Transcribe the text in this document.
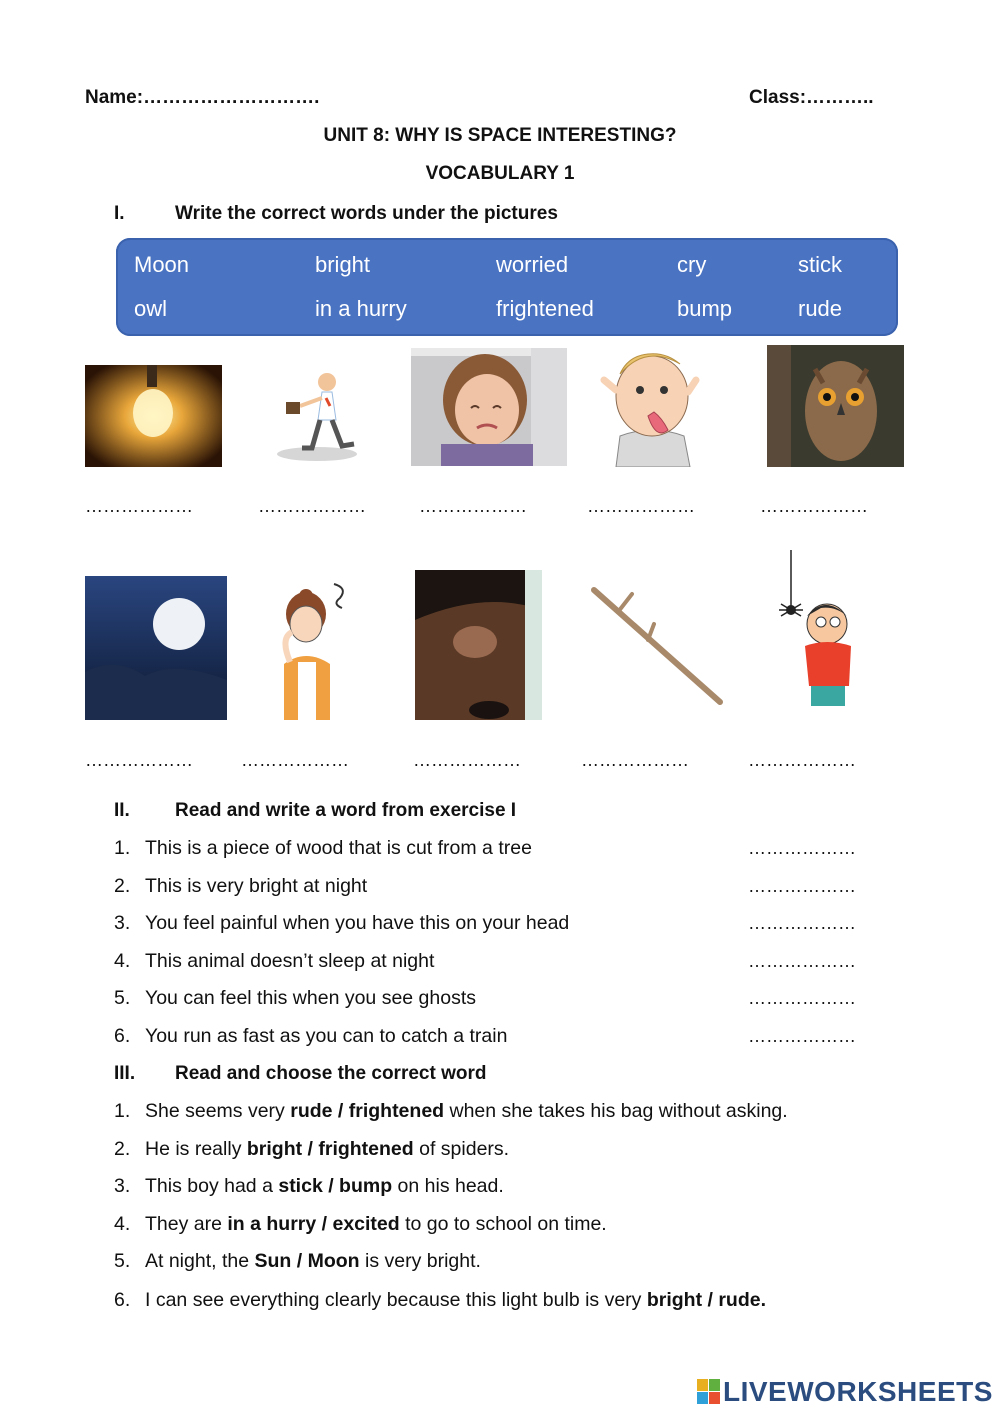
Name:……………………….	Class:………..
UNIT 8: WHY IS SPACE INTERESTING?
VOCABULARY 1
I.	Write the correct words under the pictures
Moon	bright	worried	cry	stick
owl	in a hurry	frightened	bump	rude
………………	………………	………………	………………	………………
………………	………………	………………	………………	………………
II. Read and write a word from exercise I
1. This is a piece of wood that is cut from a tree	………………
2. This is very bright at night	………………
3. You feel painful when you have this on your head	………………
4. This animal doesn’t sleep at night	………………
5. You can feel this when you see ghosts	………………
6. You run as fast as you can to catch a train	………………
III. Read and choose the correct word
1. She seems very rude / frightened when she takes his bag without asking.
2. He is really bright / frightened of spiders.
3. This boy had a stick / bump on his head.
4. They are in a hurry / excited to go to school on time.
5. At night, the Sun / Moon is very bright.
6. I can see everything clearly because this light bulb is very bright / rude.
LIVEWORKSHEETS
